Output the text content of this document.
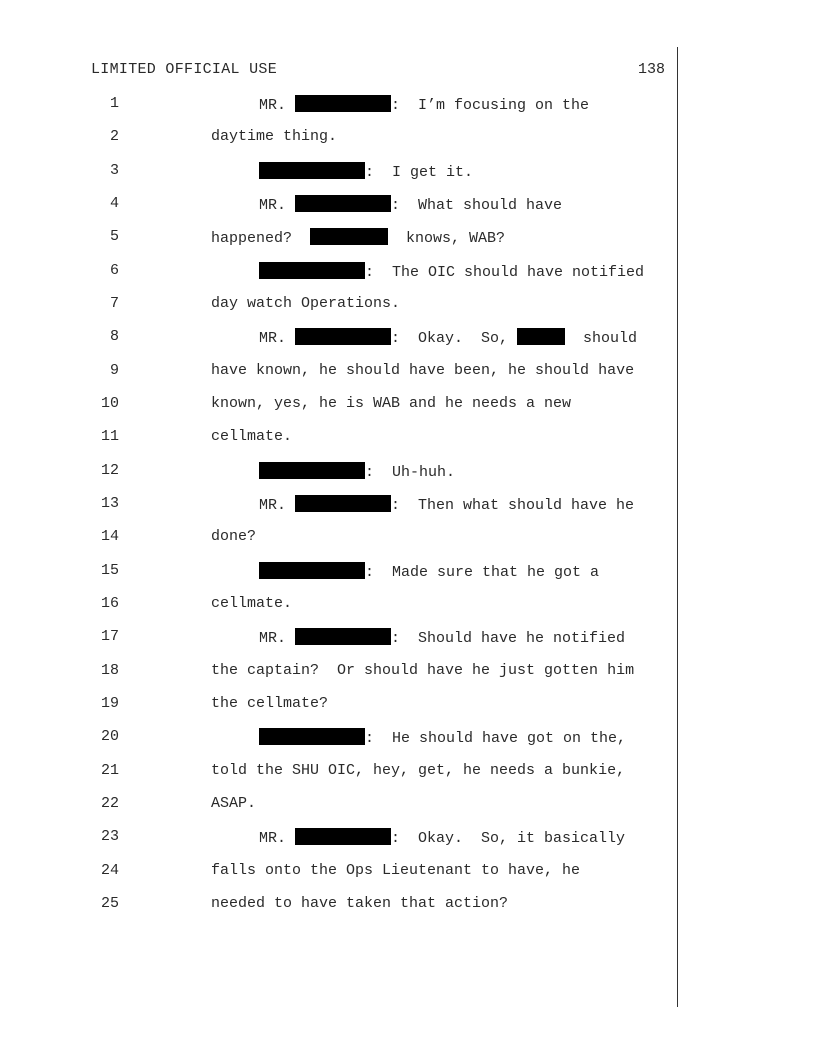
LIMITED OFFICIAL USE	138
1	MR.	:  I’m focusing on the
2	daytime thing.
3	:  I get it.
4	MR.	:  What should have
5	happened?	knows, WAB?
6	:  The OIC should have notified
7	day watch Operations.
8	MR.	:  Okay.  So,	should
9	have known, he should have been, he should have
10	known, yes, he is WAB and he needs a new
11	cellmate.
12	:  Uh-huh.
13	MR.	:  Then what should have he
14	done?
15	:  Made sure that he got a
16	cellmate.
17	MR.	:  Should have he notified
18	the captain?  Or should have he just gotten him
19	the cellmate?
20	:  He should have got on the,
21	told the SHU OIC, hey, get, he needs a bunkie,
22	ASAP.
23	MR.	:  Okay.  So, it basically
24	falls onto the Ops Lieutenant to have, he
25	needed to have taken that action?
